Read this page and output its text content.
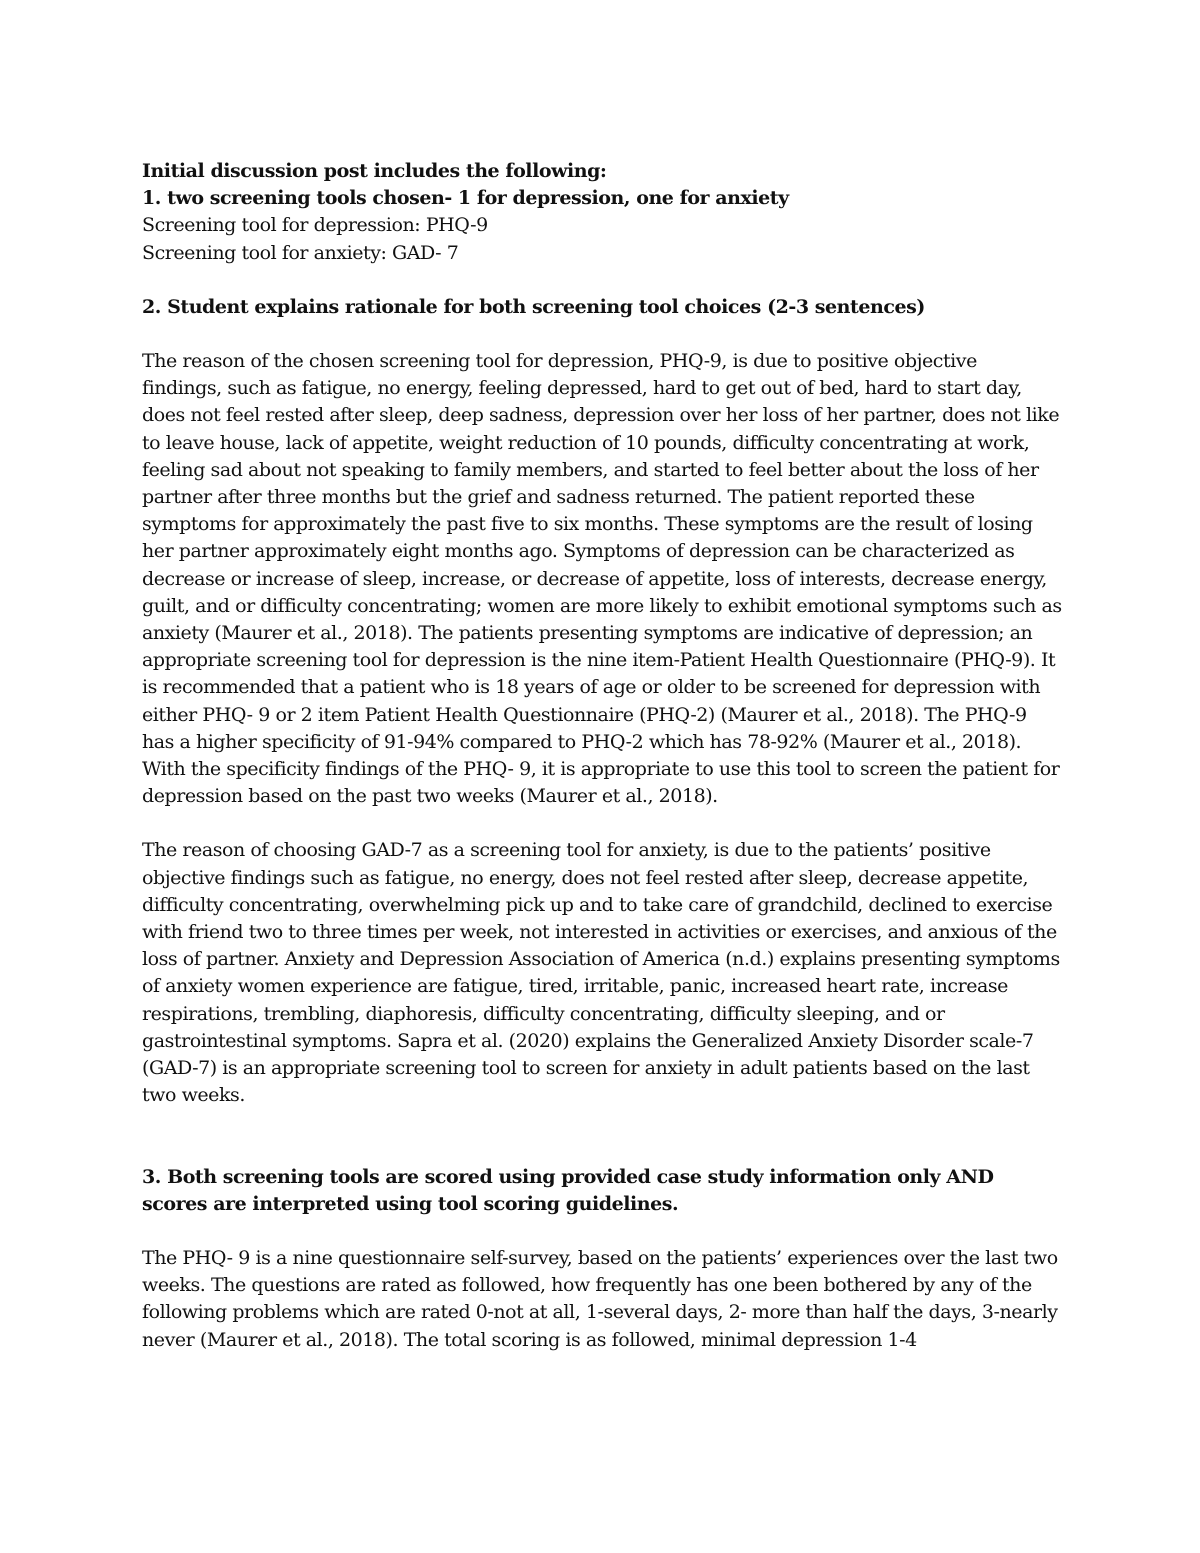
Initial discussion post includes the following:

1. two screening tools chosen- 1 for depression, one for anxiety

Screening tool for depression: PHQ-9

Screening tool for anxiety: GAD- 7

2. Student explains rationale for both screening tool choices (2-3 sentences)

The reason of the chosen screening tool for depression, PHQ-9, is due to positive objective findings, such as fatigue, no energy, feeling depressed, hard to get out of bed, hard to start day, does not feel rested after sleep, deep sadness, depression over her loss of her partner, does not like to leave house, lack of appetite, weight reduction of 10 pounds, difficulty concentrating at work, feeling sad about not speaking to family members, and started to feel better about the loss of her partner after three months but the grief and sadness returned. The patient reported these symptoms for approximately the past five to six months. These symptoms are the result of losing her partner approximately eight months ago. Symptoms of depression can be characterized as decrease or increase of sleep, increase, or decrease of appetite, loss of interests, decrease energy, guilt, and or difficulty concentrating; women are more likely to exhibit emotional symptoms such as anxiety (Maurer et al., 2018). The patients presenting symptoms are indicative of depression; an appropriate screening tool for depression is the nine item-Patient Health Questionnaire (PHQ-9). It is recommended that a patient who is 18 years of age or older to be screened for depression with either PHQ- 9 or 2 item Patient Health Questionnaire (PHQ-2) (Maurer et al., 2018). The PHQ-9 has a higher specificity of 91-94% compared to PHQ-2 which has 78-92% (Maurer et al., 2018). With the specificity findings of the PHQ- 9, it is appropriate to use this tool to screen the patient for depression based on the past two weeks (Maurer et al., 2018).

The reason of choosing GAD-7 as a screening tool for anxiety, is due to the patients’ positive objective findings such as fatigue, no energy, does not feel rested after sleep, decrease appetite, difficulty concentrating, overwhelming pick up and to take care of grandchild, declined to exercise with friend two to three times per week, not interested in activities or exercises, and anxious of the loss of partner. Anxiety and Depression Association of America (n.d.) explains presenting symptoms of anxiety women experience are fatigue, tired, irritable, panic, increased heart rate, increase respirations, trembling, diaphoresis, difficulty concentrating, difficulty sleeping, and or gastrointestinal symptoms. Sapra et al. (2020) explains the Generalized Anxiety Disorder scale-7 (GAD-7) is an appropriate screening tool to screen for anxiety in adult patients based on the last two weeks.

3. Both screening tools are scored using provided case study information only AND scores are interpreted using tool scoring guidelines.

The PHQ- 9 is a nine questionnaire self-survey, based on the patients’ experiences over the last two weeks. The questions are rated as followed, how frequently has one been bothered by any of the following problems which are rated 0-not at all, 1-several days, 2- more than half the days, 3-nearly never (Maurer et al., 2018). The total scoring is as followed, minimal depression 1-4
